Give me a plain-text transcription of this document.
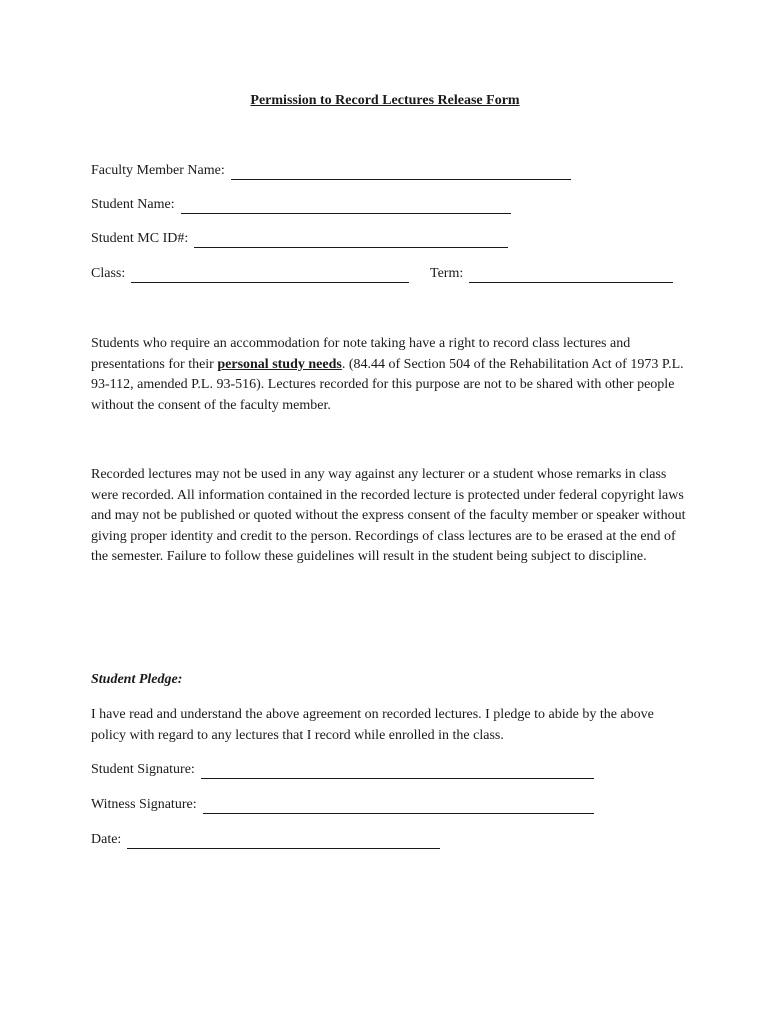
Permission to Record Lectures Release Form
Faculty Member Name:
Student Name:
Student MC ID#:
Class:	Term:
Students who require an accommodation for note taking have a right to record class lectures and presentations for their personal study needs. (84.44 of Section 504 of the Rehabilitation Act of 1973 P.L. 93-112, amended P.L. 93-516). Lectures recorded for this purpose are not to be shared with other people without the consent of the faculty member.
Recorded lectures may not be used in any way against any lecturer or a student whose remarks in class were recorded. All information contained in the recorded lecture is protected under federal copyright laws and may not be published or quoted without the express consent of the faculty member or speaker without giving proper identity and credit to the person. Recordings of class lectures are to be erased at the end of the semester. Failure to follow these guidelines will result in the student being subject to discipline.
Student Pledge:
I have read and understand the above agreement on recorded lectures. I pledge to abide by the above policy with regard to any lectures that I record while enrolled in the class.
Student Signature:
Witness Signature:
Date:
